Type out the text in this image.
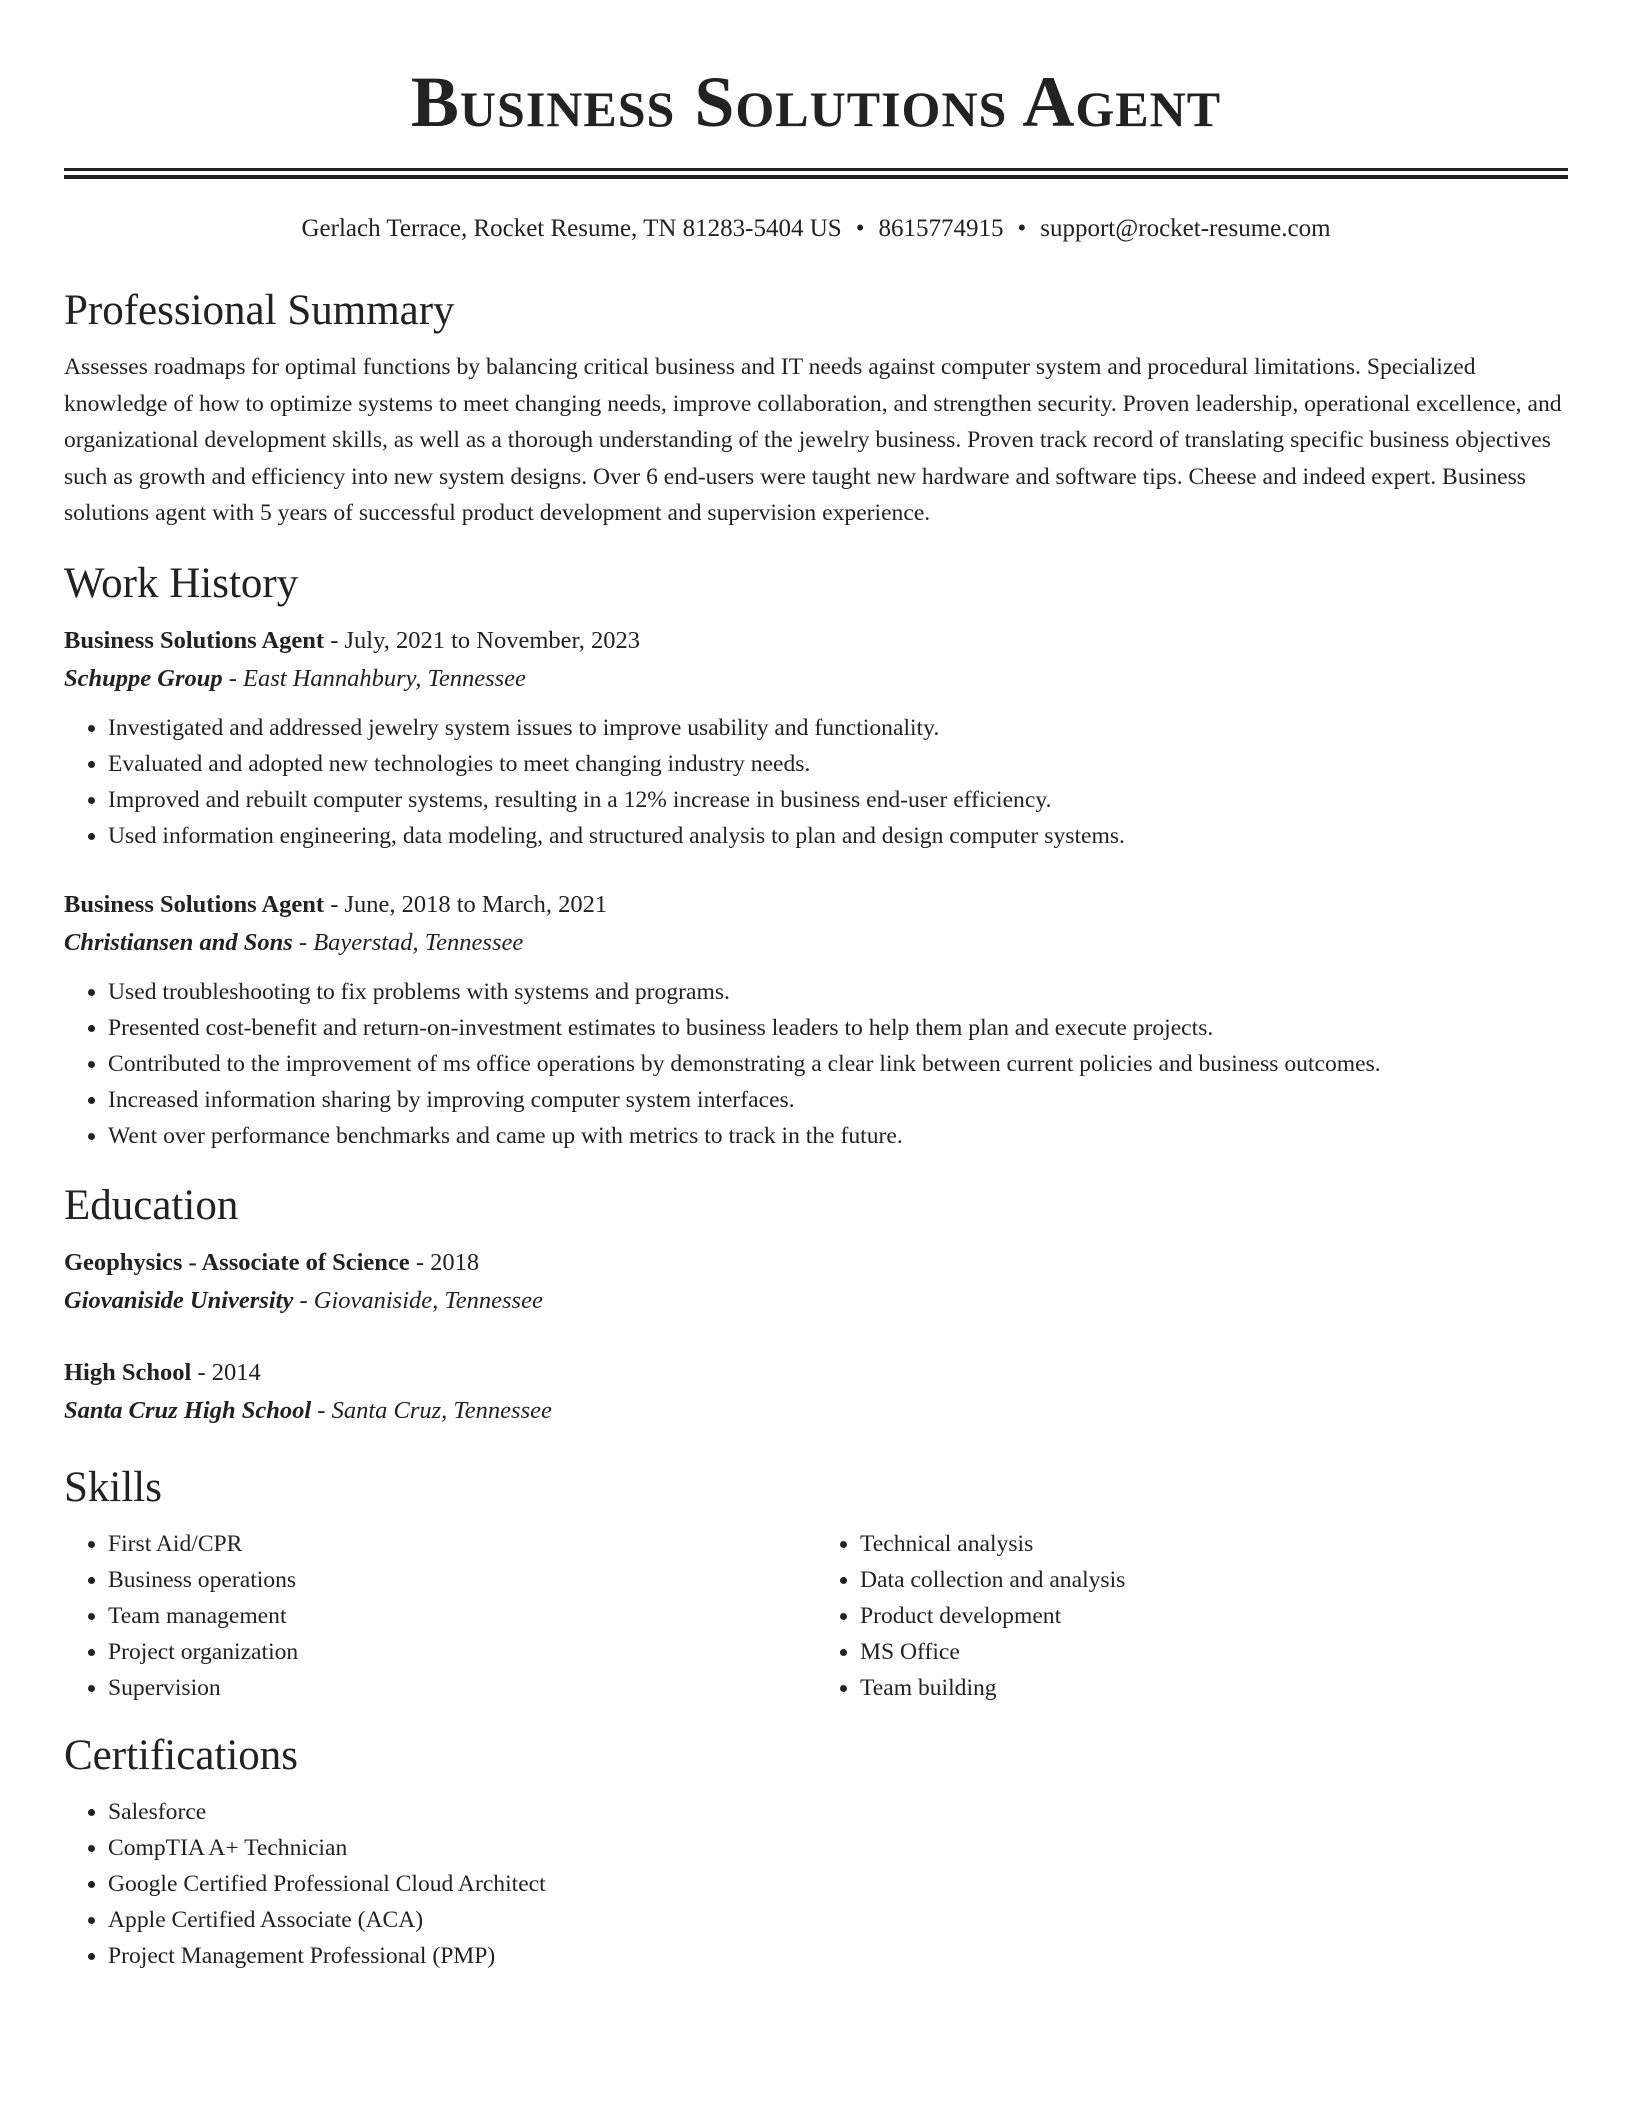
Business Solutions Agent
Gerlach Terrace, Rocket Resume, TN 81283-5404 US • 8615774915 • support@rocket-resume.com
Professional Summary
Assesses roadmaps for optimal functions by balancing critical business and IT needs against computer system and procedural limitations. Specialized knowledge of how to optimize systems to meet changing needs, improve collaboration, and strengthen security. Proven leadership, operational excellence, and organizational development skills, as well as a thorough understanding of the jewelry business. Proven track record of translating specific business objectives such as growth and efficiency into new system designs. Over 6 end-users were taught new hardware and software tips. Cheese and indeed expert. Business solutions agent with 5 years of successful product development and supervision experience.
Work History
Business Solutions Agent - July, 2021 to November, 2023
Schuppe Group - East Hannahbury, Tennessee
• Investigated and addressed jewelry system issues to improve usability and functionality.
• Evaluated and adopted new technologies to meet changing industry needs.
• Improved and rebuilt computer systems, resulting in a 12% increase in business end-user efficiency.
• Used information engineering, data modeling, and structured analysis to plan and design computer systems.
Business Solutions Agent - June, 2018 to March, 2021
Christiansen and Sons - Bayerstad, Tennessee
• Used troubleshooting to fix problems with systems and programs.
• Presented cost-benefit and return-on-investment estimates to business leaders to help them plan and execute projects.
• Contributed to the improvement of ms office operations by demonstrating a clear link between current policies and business outcomes.
• Increased information sharing by improving computer system interfaces.
• Went over performance benchmarks and came up with metrics to track in the future.
Education
Geophysics - Associate of Science - 2018
Giovaniside University - Giovaniside, Tennessee
High School - 2014
Santa Cruz High School - Santa Cruz, Tennessee
Skills
• First Aid/CPR
• Business operations
• Team management
• Project organization
• Supervision
• Technical analysis
• Data collection and analysis
• Product development
• MS Office
• Team building
Certifications
• Salesforce
• CompTIA A+ Technician
• Google Certified Professional Cloud Architect
• Apple Certified Associate (ACA)
• Project Management Professional (PMP)
